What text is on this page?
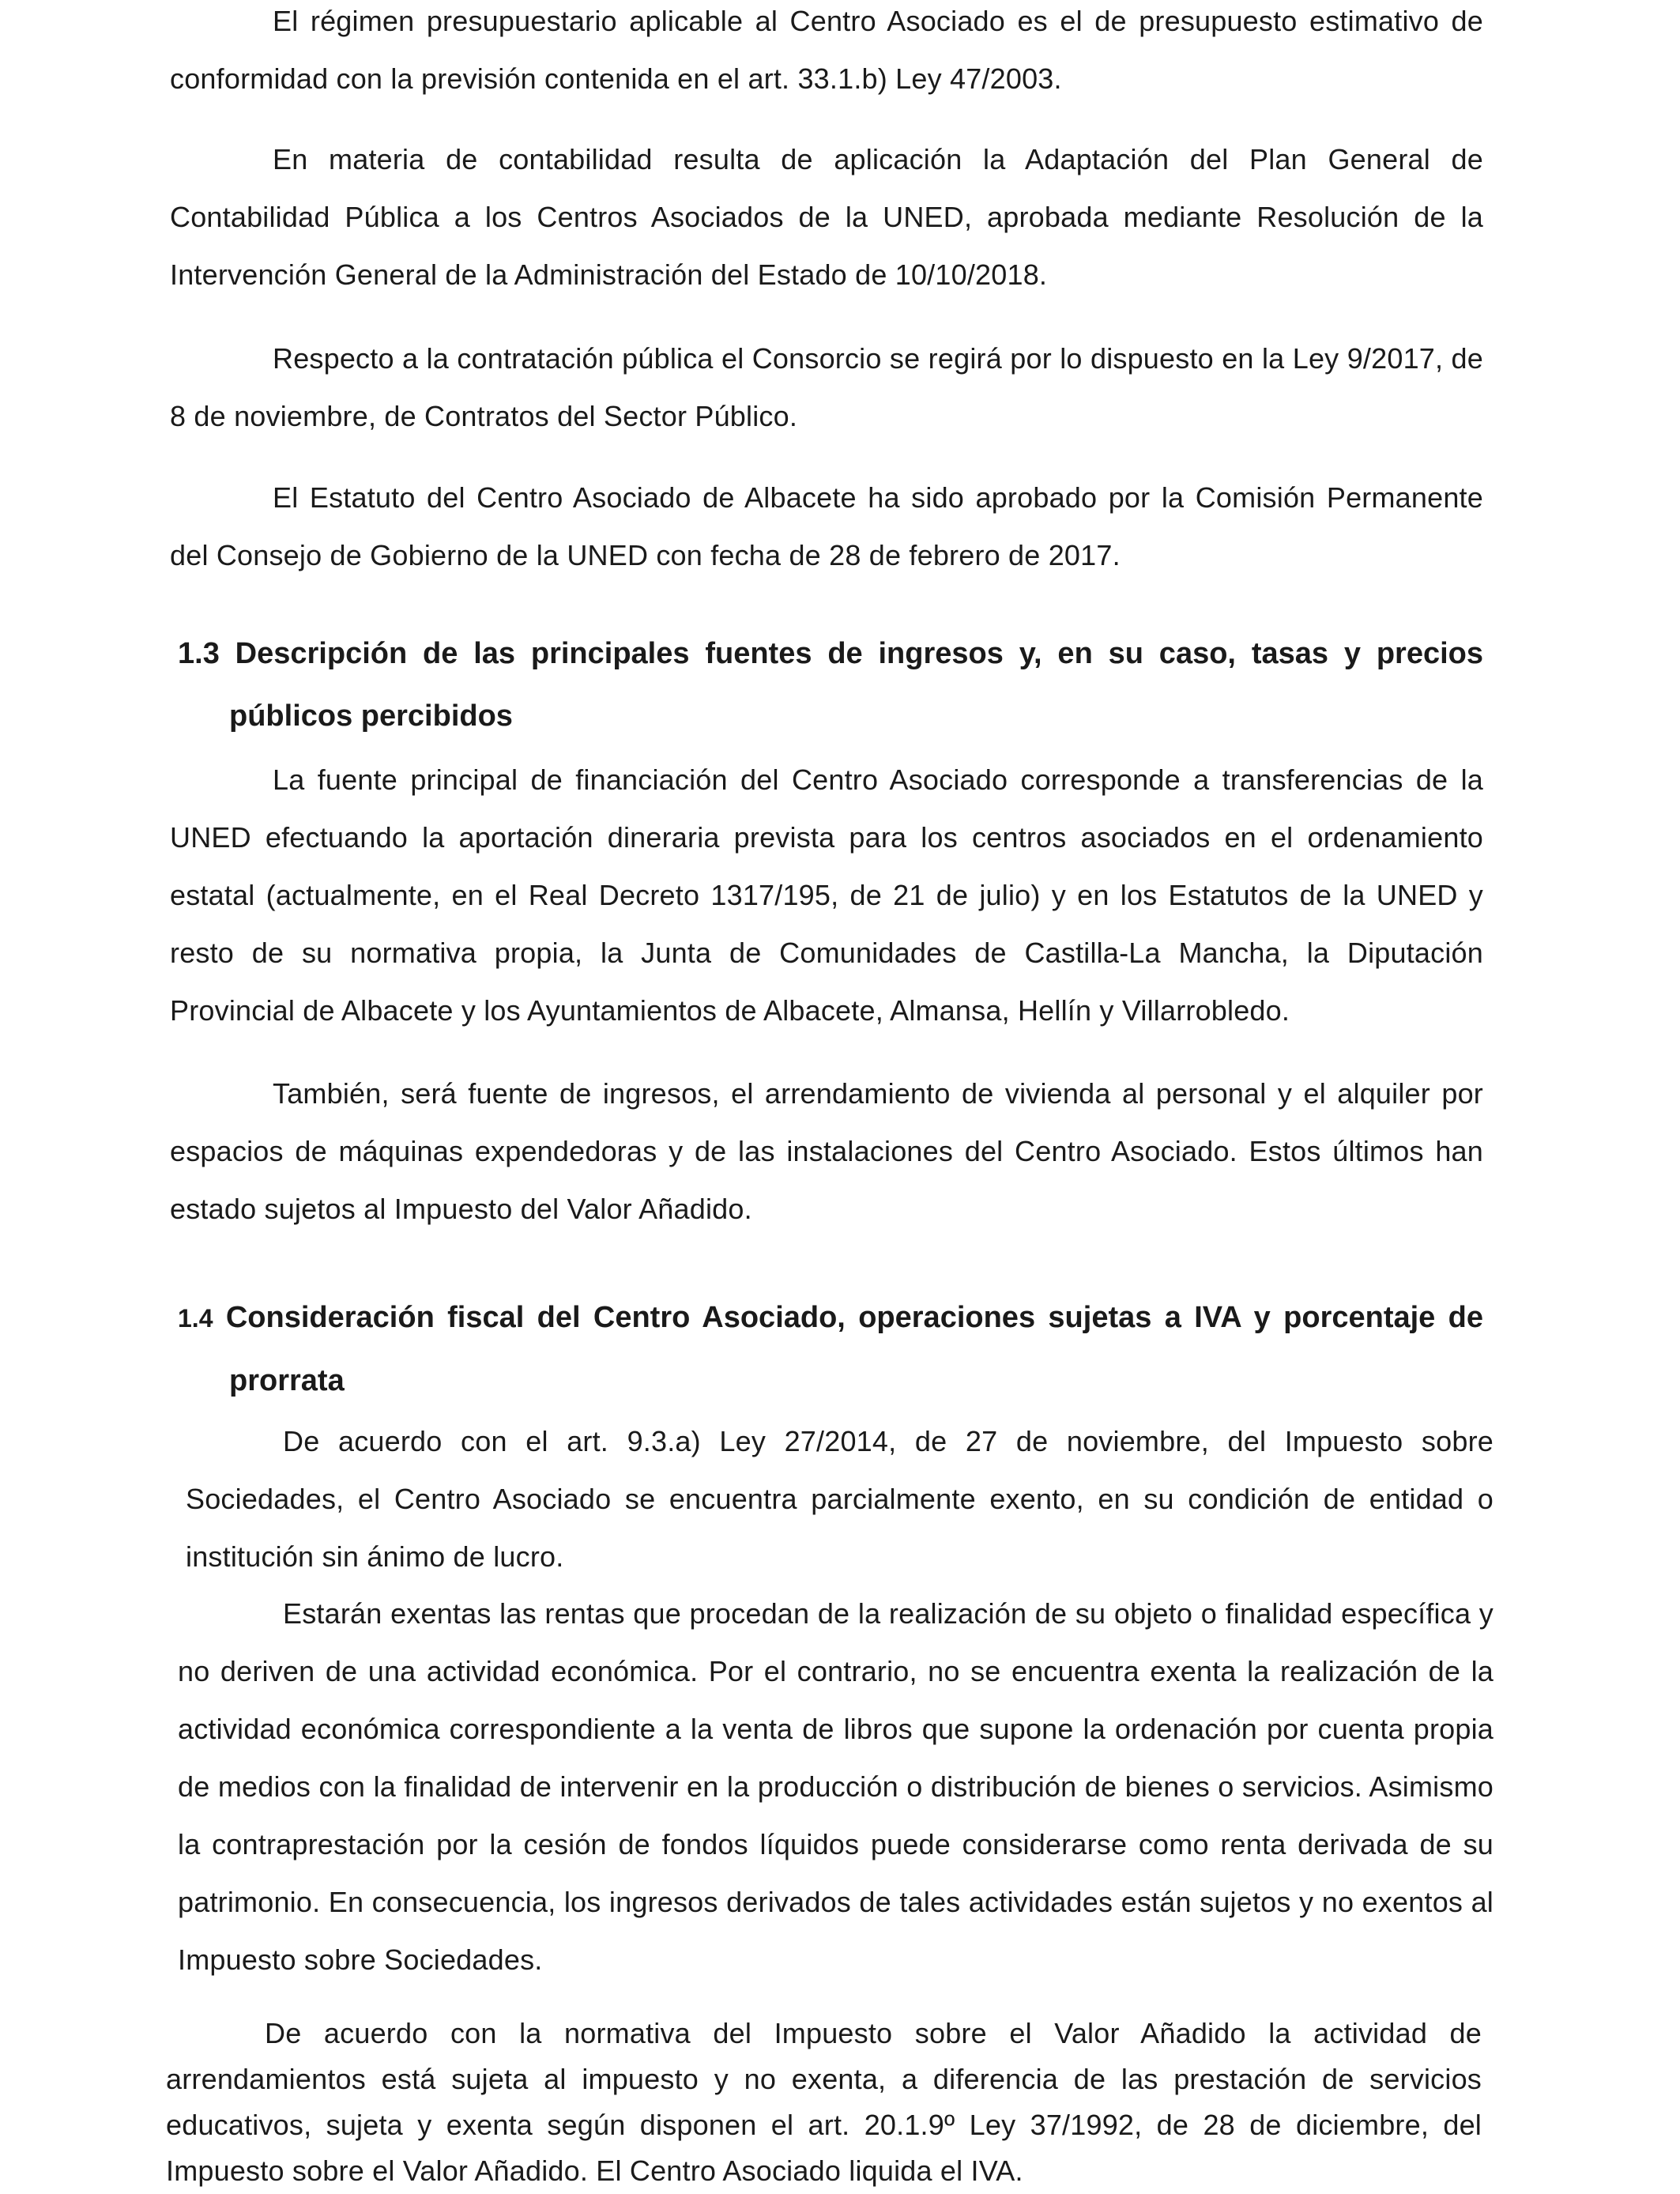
El régimen presupuestario aplicable al Centro Asociado es el de presupuesto estimativo de conformidad con la previsión contenida en el art. 33.1.b) Ley 47/2003.

En materia de contabilidad resulta de aplicación la Adaptación del Plan General de Contabilidad Pública a los Centros Asociados de la UNED, aprobada mediante Resolución de la Intervención General de la Administración del Estado de 10/10/2018.

Respecto a la contratación pública el Consorcio se regirá por lo dispuesto en la Ley 9/2017, de 8 de noviembre, de Contratos del Sector Público.

El Estatuto del Centro Asociado de Albacete ha sido aprobado por la Comisión Permanente del Consejo de Gobierno de la UNED con fecha de 28 de febrero de 2017.

1.3 Descripción de las principales fuentes de ingresos y, en su caso, tasas y precios públicos percibidos

La fuente principal de financiación del Centro Asociado corresponde a transferencias de la UNED efectuando la aportación dineraria prevista para los centros asociados en el ordenamiento estatal (actualmente, en el Real Decreto 1317/195, de 21 de julio) y en los Estatutos de la UNED y resto de su normativa propia, la Junta de Comunidades de Castilla-La Mancha, la Diputación Provincial de Albacete y los Ayuntamientos de Albacete, Almansa, Hellín y Villarrobledo.

También, será fuente de ingresos, el arrendamiento de vivienda al personal y el alquiler por espacios de máquinas expendedoras y de las instalaciones del Centro Asociado. Estos últimos han estado sujetos al Impuesto del Valor Añadido.

1.4 Consideración fiscal del Centro Asociado, operaciones sujetas a IVA y porcentaje de prorrata

De acuerdo con el art. 9.3.a) Ley 27/2014, de 27 de noviembre, del Impuesto sobre Sociedades, el Centro Asociado se encuentra parcialmente exento, en su condición de entidad o institución sin ánimo de lucro.

Estarán exentas las rentas que procedan de la realización de su objeto o finalidad específica y no deriven de una actividad económica. Por el contrario, no se encuentra exenta la realización de la actividad económica correspondiente a la venta de libros que supone la ordenación por cuenta propia de medios con la finalidad de intervenir en la producción o distribución de bienes o servicios. Asimismo la contraprestación por la cesión de fondos líquidos puede considerarse como renta derivada de su patrimonio. En consecuencia, los ingresos derivados de tales actividades están sujetos y no exentos al Impuesto sobre Sociedades.

De acuerdo con la normativa del Impuesto sobre el Valor Añadido la actividad de arrendamientos está sujeta al impuesto y no exenta, a diferencia de las prestación de servicios educativos, sujeta y exenta según disponen el art. 20.1.9º Ley 37/1992, de 28 de diciembre, del Impuesto sobre el Valor Añadido. El Centro Asociado liquida el IVA.
